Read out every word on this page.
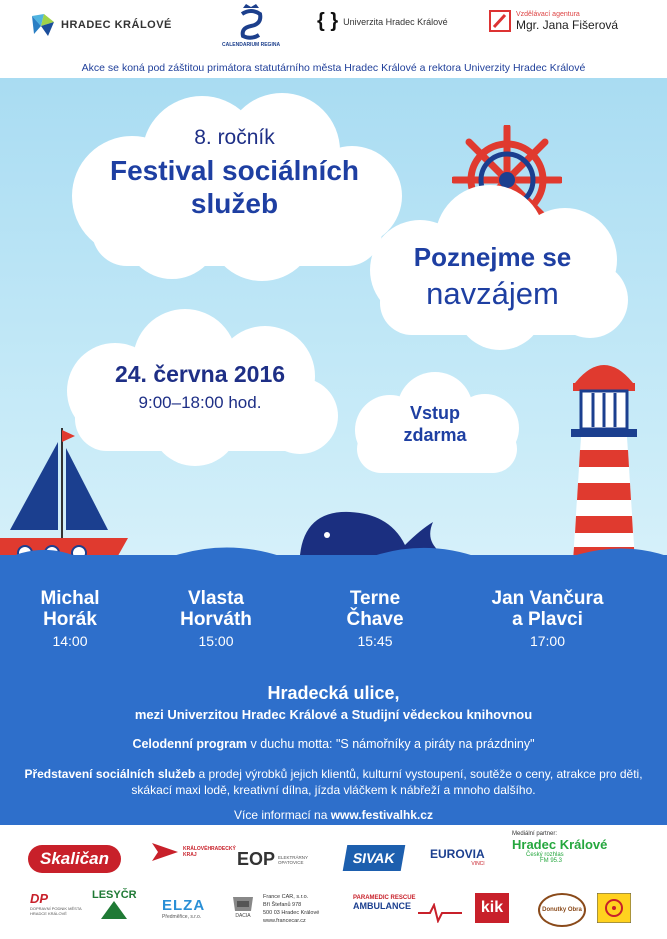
HRADEC KRÁLOVÉ
CALENDARIUM REGINA
{ } Univerzita Hradec Králové
Vzdělávací agentura
Mgr. Jana Fišerová
Akce se koná pod záštitou primátora statutárního města Hradec Králové a rektora Univerzity Hradec Králové
8. ročník
Festival sociálních
služeb
Poznejme se
navzájem
24. června 2016
9:00–18:00 hod.
Vstup
zdarma
Michal
Horák
14:00
Vlasta
Horváth
15:00
Terne
Čhave
15:45
Jan Vančura
a Plavci
17:00
Hradecká ulice,
mezi Univerzitou Hradec Králové a Studijní vědeckou knihovnou
Celodenní program v duchu motta: "S námořníky a piráty na prázdniny"
Představení sociálních služeb a prodej výrobků jejich klientů, kulturní vystoupení, soutěže o ceny, atrakce pro děti, skákací maxi lodě, kreativní dílna, jízda vláčkem k nábřeží a mnoho dalšího.
Více informací na www.festivalhk.cz
Skaličan	KRÁLOVÉHRADECKÝ KRAJ	EOP ELEKTRÁRNY OPATOVICE	SIVAK	EUROVIA
VINCI
Mediální partner:
Hradec Králové
Český rozhlas
FM 95.3
DP
DOPRAVNÍ PODNIK MĚSTA HRADCE KRÁLOVÉ
LESYČR
ELZA
Předměřice, s.r.o.	DACIA
France CAR, s.r.o.
Bří Štefanů 978
500 03 Hradec Králové
www.francecar.cz
PARAMEDIC RESCUE
AMBULANCE	kik	Donutky Obra
